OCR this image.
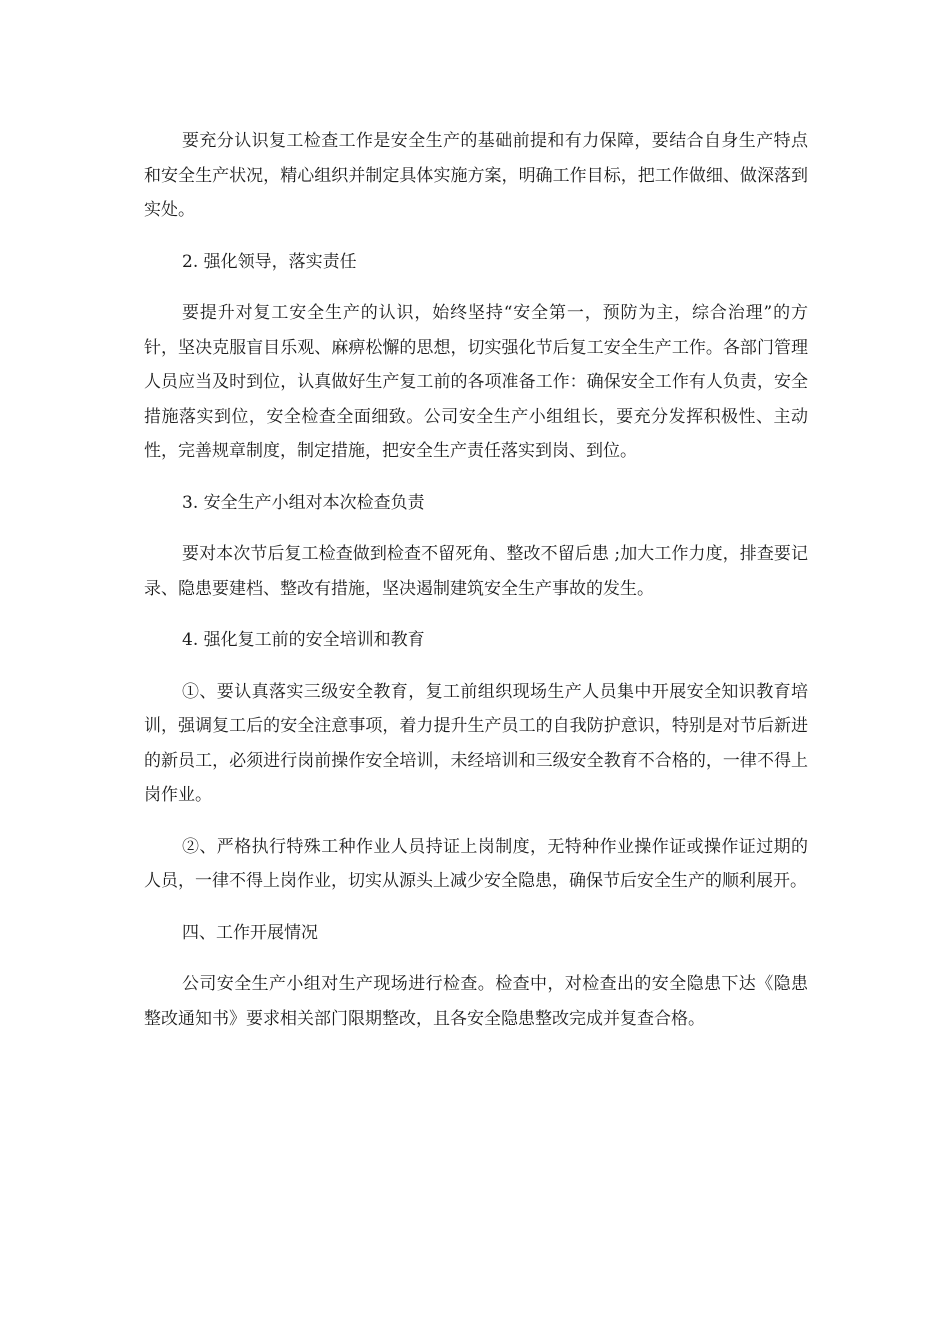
要充分认识复工检查工作是安全生产的基础前提和有力保障，要结合自身生产特点和安全生产状况，精心组织并制定具体实施方案，明确工作目标，把工作做细、做深落到实处。

2. 强化领导，落实责任

要提升对复工安全生产的认识，始终坚持“安全第一，预防为主，综合治理”的方针，坚决克服盲目乐观、麻痹松懈的思想，切实强化节后复工安全生产工作。各部门管理人员应当及时到位，认真做好生产复工前的各项准备工作：确保安全工作有人负责，安全措施落实到位，安全检查全面细致。公司安全生产小组组长，要充分发挥积极性、主动性，完善规章制度，制定措施，把安全生产责任落实到岗、到位。

3. 安全生产小组对本次检查负责

要对本次节后复工检查做到检查不留死角、整改不留后患 ;加大工作力度，排查要记录、隐患要建档、整改有措施，坚决遏制建筑安全生产事故的发生。

4. 强化复工前的安全培训和教育

①、要认真落实三级安全教育，复工前组织现场生产人员集中开展安全知识教育培训，强调复工后的安全注意事项，着力提升生产员工的自我防护意识，特别是对节后新进的新员工，必须进行岗前操作安全培训，未经培训和三级安全教育不合格的，一律不得上岗作业。

②、严格执行特殊工种作业人员持证上岗制度，无特种作业操作证或操作证过期的人员，一律不得上岗作业，切实从源头上减少安全隐患，确保节后安全生产的顺利展开。

四、工作开展情况

公司安全生产小组对生产现场进行检查。检查中，对检查出的安全隐患下达《隐患整改通知书》要求相关部门限期整改，且各安全隐患整改完成并复查合格。
